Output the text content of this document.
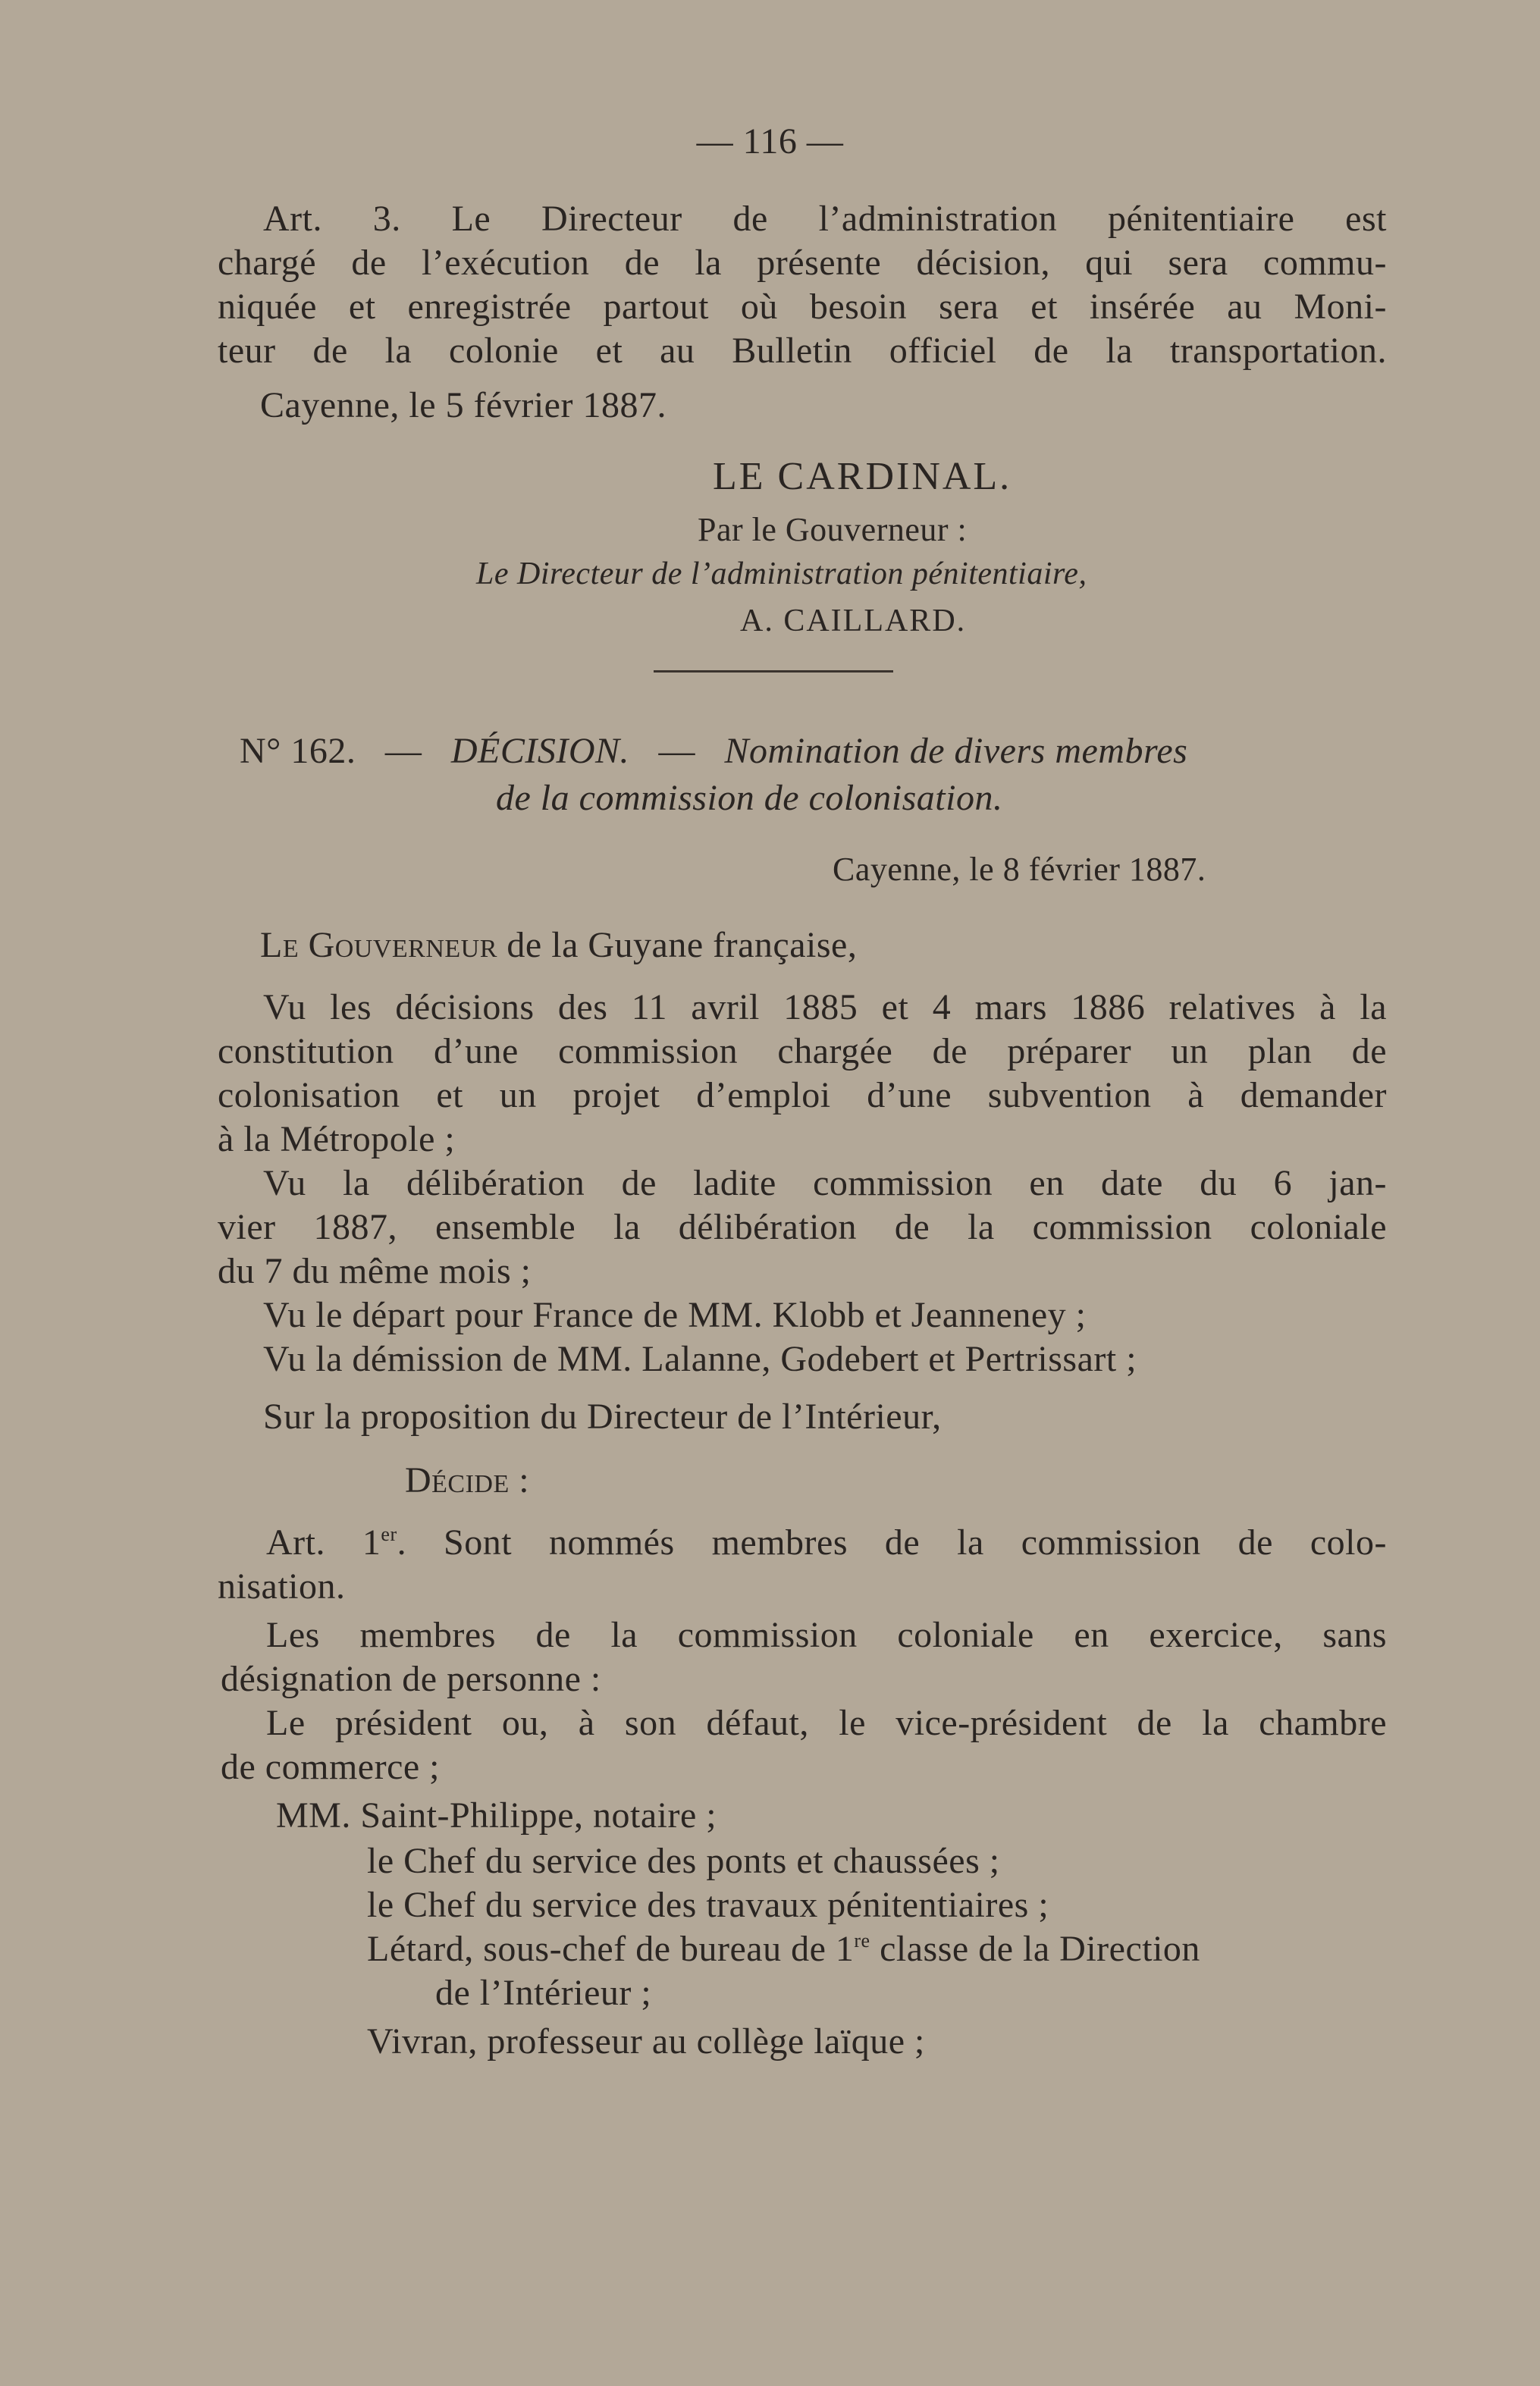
— 116 —
Art. 3. Le Directeur de l’administration pénitentiaire est
chargé de l’exécution de la présente décision, qui sera commu-
niquée et enregistrée partout où besoin sera et insérée au Moni-
teur de la colonie et au Bulletin officiel de la transportation.
Cayenne, le 5 février 1887.
LE CARDINAL.
Par le Gouverneur :
Le Directeur de l’administration pénitentiaire,
A. CAILLARD.
N° 162. — DÉCISION. — Nomination de divers membres
de la commission de colonisation.
Cayenne, le 8 février 1887.
Le Gouverneur de la Guyane française,
Vu les décisions des 11 avril 1885 et 4 mars 1886 relatives à la
constitution d’une commission chargée de préparer un plan de
colonisation et un projet d’emploi d’une subvention à demander
à la Métropole ;
Vu la délibération de ladite commission en date du 6 jan-
vier 1887, ensemble la délibération de la commission coloniale
du 7 du même mois ;
Vu le départ pour France de MM. Klobb et Jeanneney ;
Vu la démission de MM. Lalanne, Godebert et Pertrissart ;
Sur la proposition du Directeur de l’Intérieur,
Décide :
Art. 1er. Sont nommés membres de la commission de colo-
nisation.
Les membres de la commission coloniale en exercice, sans
désignation de personne :
Le président ou, à son défaut, le vice-président de la chambre
de commerce ;
MM. Saint-Philippe, notaire ;
le Chef du service des ponts et chaussées ;
le Chef du service des travaux pénitentiaires ;
Létard, sous-chef de bureau de 1re classe de la Direction
de l’Intérieur ;
Vivran, professeur au collège laïque ;
